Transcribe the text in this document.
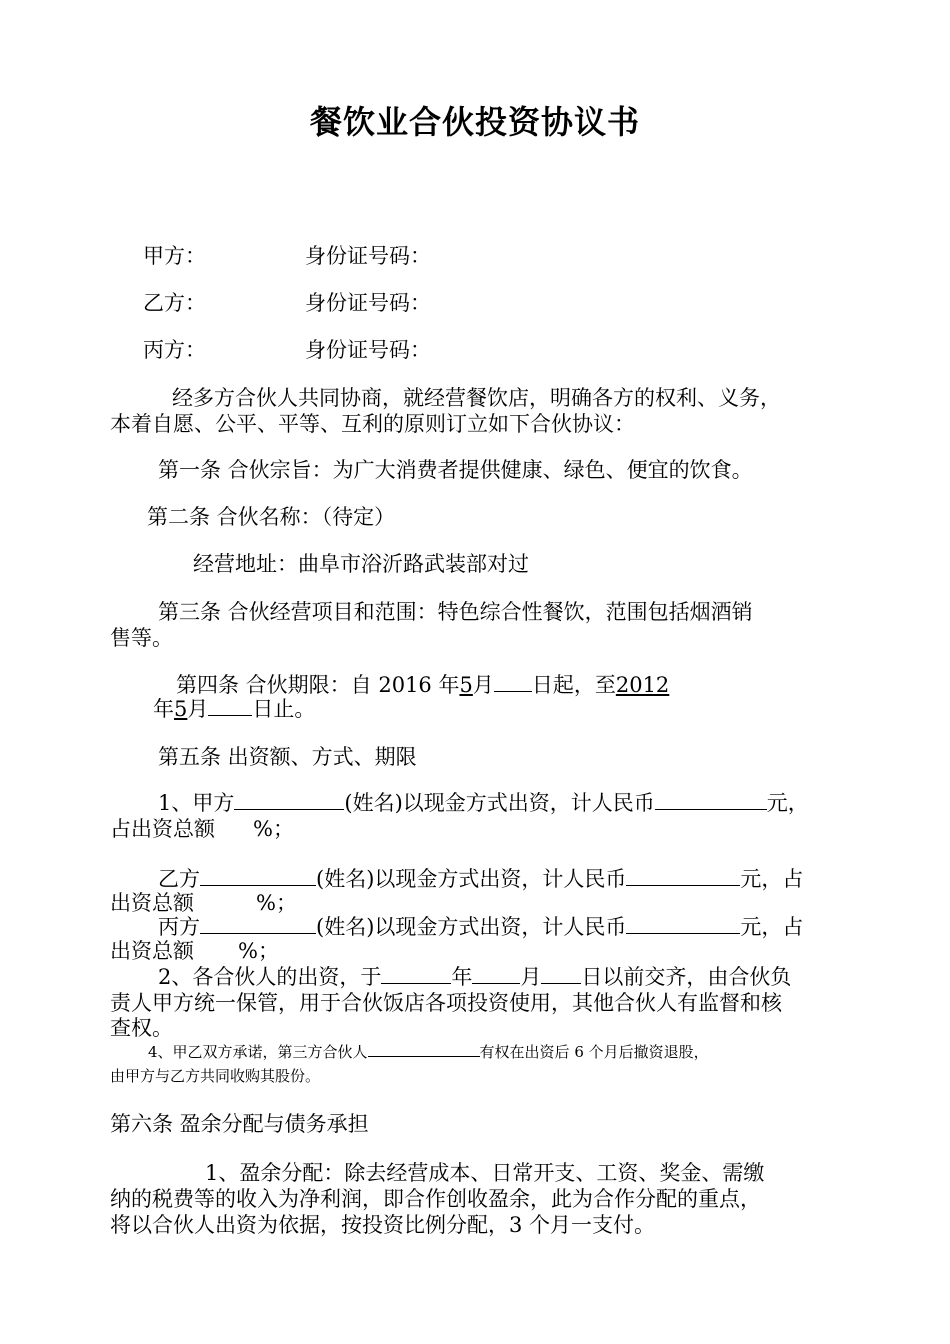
餐饮业合伙投资协议书
甲方：	身份证号码：
乙方：	身份证号码：
丙方：	身份证号码：
经多方合伙人共同协商，就经营餐饮店，明确各方的权利、义务，
本着自愿、公平、平等、互利的原则订立如下合伙协议：
第一条 合伙宗旨：为广大消费者提供健康、绿色、便宜的饮食。
第二条 合伙名称：（待定）
经营地址：曲阜市浴沂路武装部对过
第三条 合伙经营项目和范围：特色综合性餐饮，范围包括烟酒销
售等。
第四条 合伙期限：自 2016 年5月 日起，至2012
年5月 日止。
第五条 出资额、方式、期限
1、甲方	(姓名)以现金方式出资，计人民币	元，
占出资总额 %；
乙方	(姓名)以现金方式出资，计人民币	元，占
出资总额	%；
丙方	(姓名)以现金方式出资，计人民币	元，占
出资总额 %；
2、各合伙人的出资，于	年 月 日以前交齐，由合伙负
责人甲方统一保管，用于合伙饭店各项投资使用，其他合伙人有监督和核
查权。
4、甲乙双方承诺，第三方合伙人	有权在出资后 6 个月后撤资退股，
由甲方与乙方共同收购其股份。
第六条 盈余分配与债务承担
1、盈余分配：除去经营成本、日常开支、工资、奖金、需缴
纳的税费等的收入为净利润，即合作创收盈余，此为合作分配的重点，
将以合伙人出资为依据，按投资比例分配，3 个月一支付。
